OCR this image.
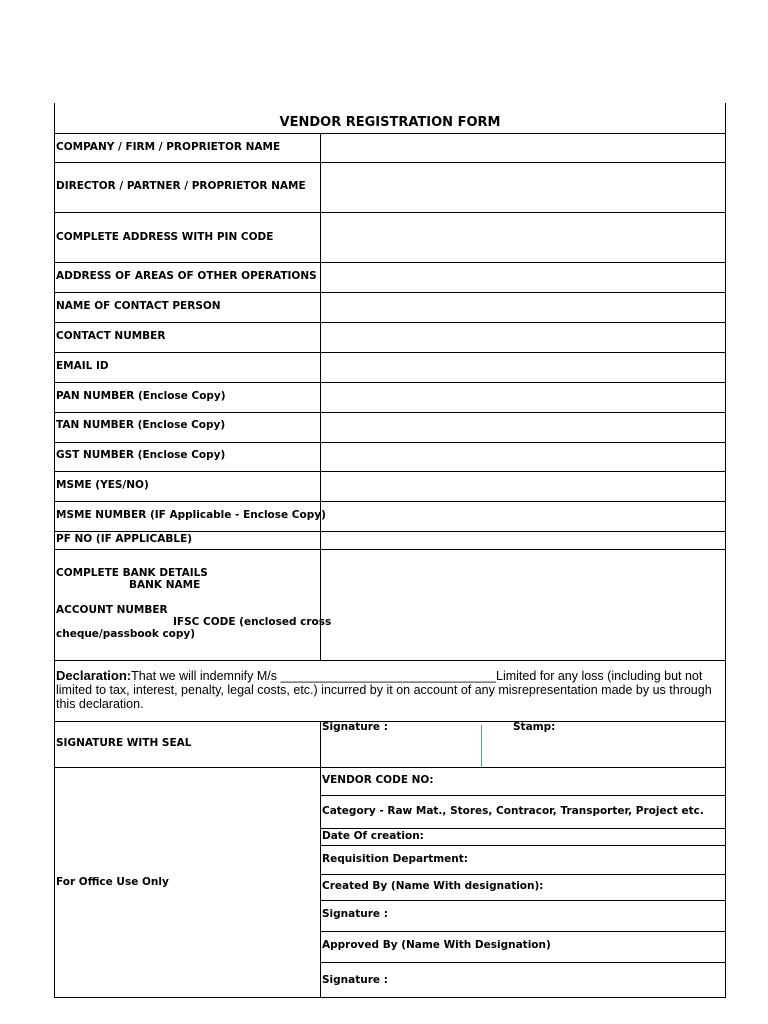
VENDOR REGISTRATION FORM
COMPANY / FIRM / PROPRIETOR NAME
DIRECTOR / PARTNER / PROPRIETOR NAME
COMPLETE ADDRESS WITH PIN CODE
ADDRESS OF AREAS OF OTHER OPERATIONS
NAME OF CONTACT PERSON
CONTACT NUMBER
EMAIL ID
PAN NUMBER (Enclose Copy)
TAN NUMBER (Enclose Copy)
GST NUMBER (Enclose Copy)
MSME (YES/NO)
MSME NUMBER (IF Applicable - Enclose Copy)
PF NO (IF APPLICABLE)
COMPLETE BANK DETAILS
BANK NAME
ACCOUNT NUMBER
IFSC CODE (enclosed cross
cheque/passbook copy)
Declaration:That we will indemnify M/s _______________________________Limited for any loss (including but not limited to tax, interest, penalty, legal costs, etc.) incurred by it on account of any misrepresentation made by us through this declaration.
SIGNATURE WITH SEAL
Signature :	Stamp:
For Office Use Only
VENDOR CODE NO:
Category - Raw Mat., Stores, Contracor, Transporter, Project etc.
Date Of creation:
Requisition Department:
Created By (Name With designation):
Signature :
Approved By (Name With Designation)
Signature :
